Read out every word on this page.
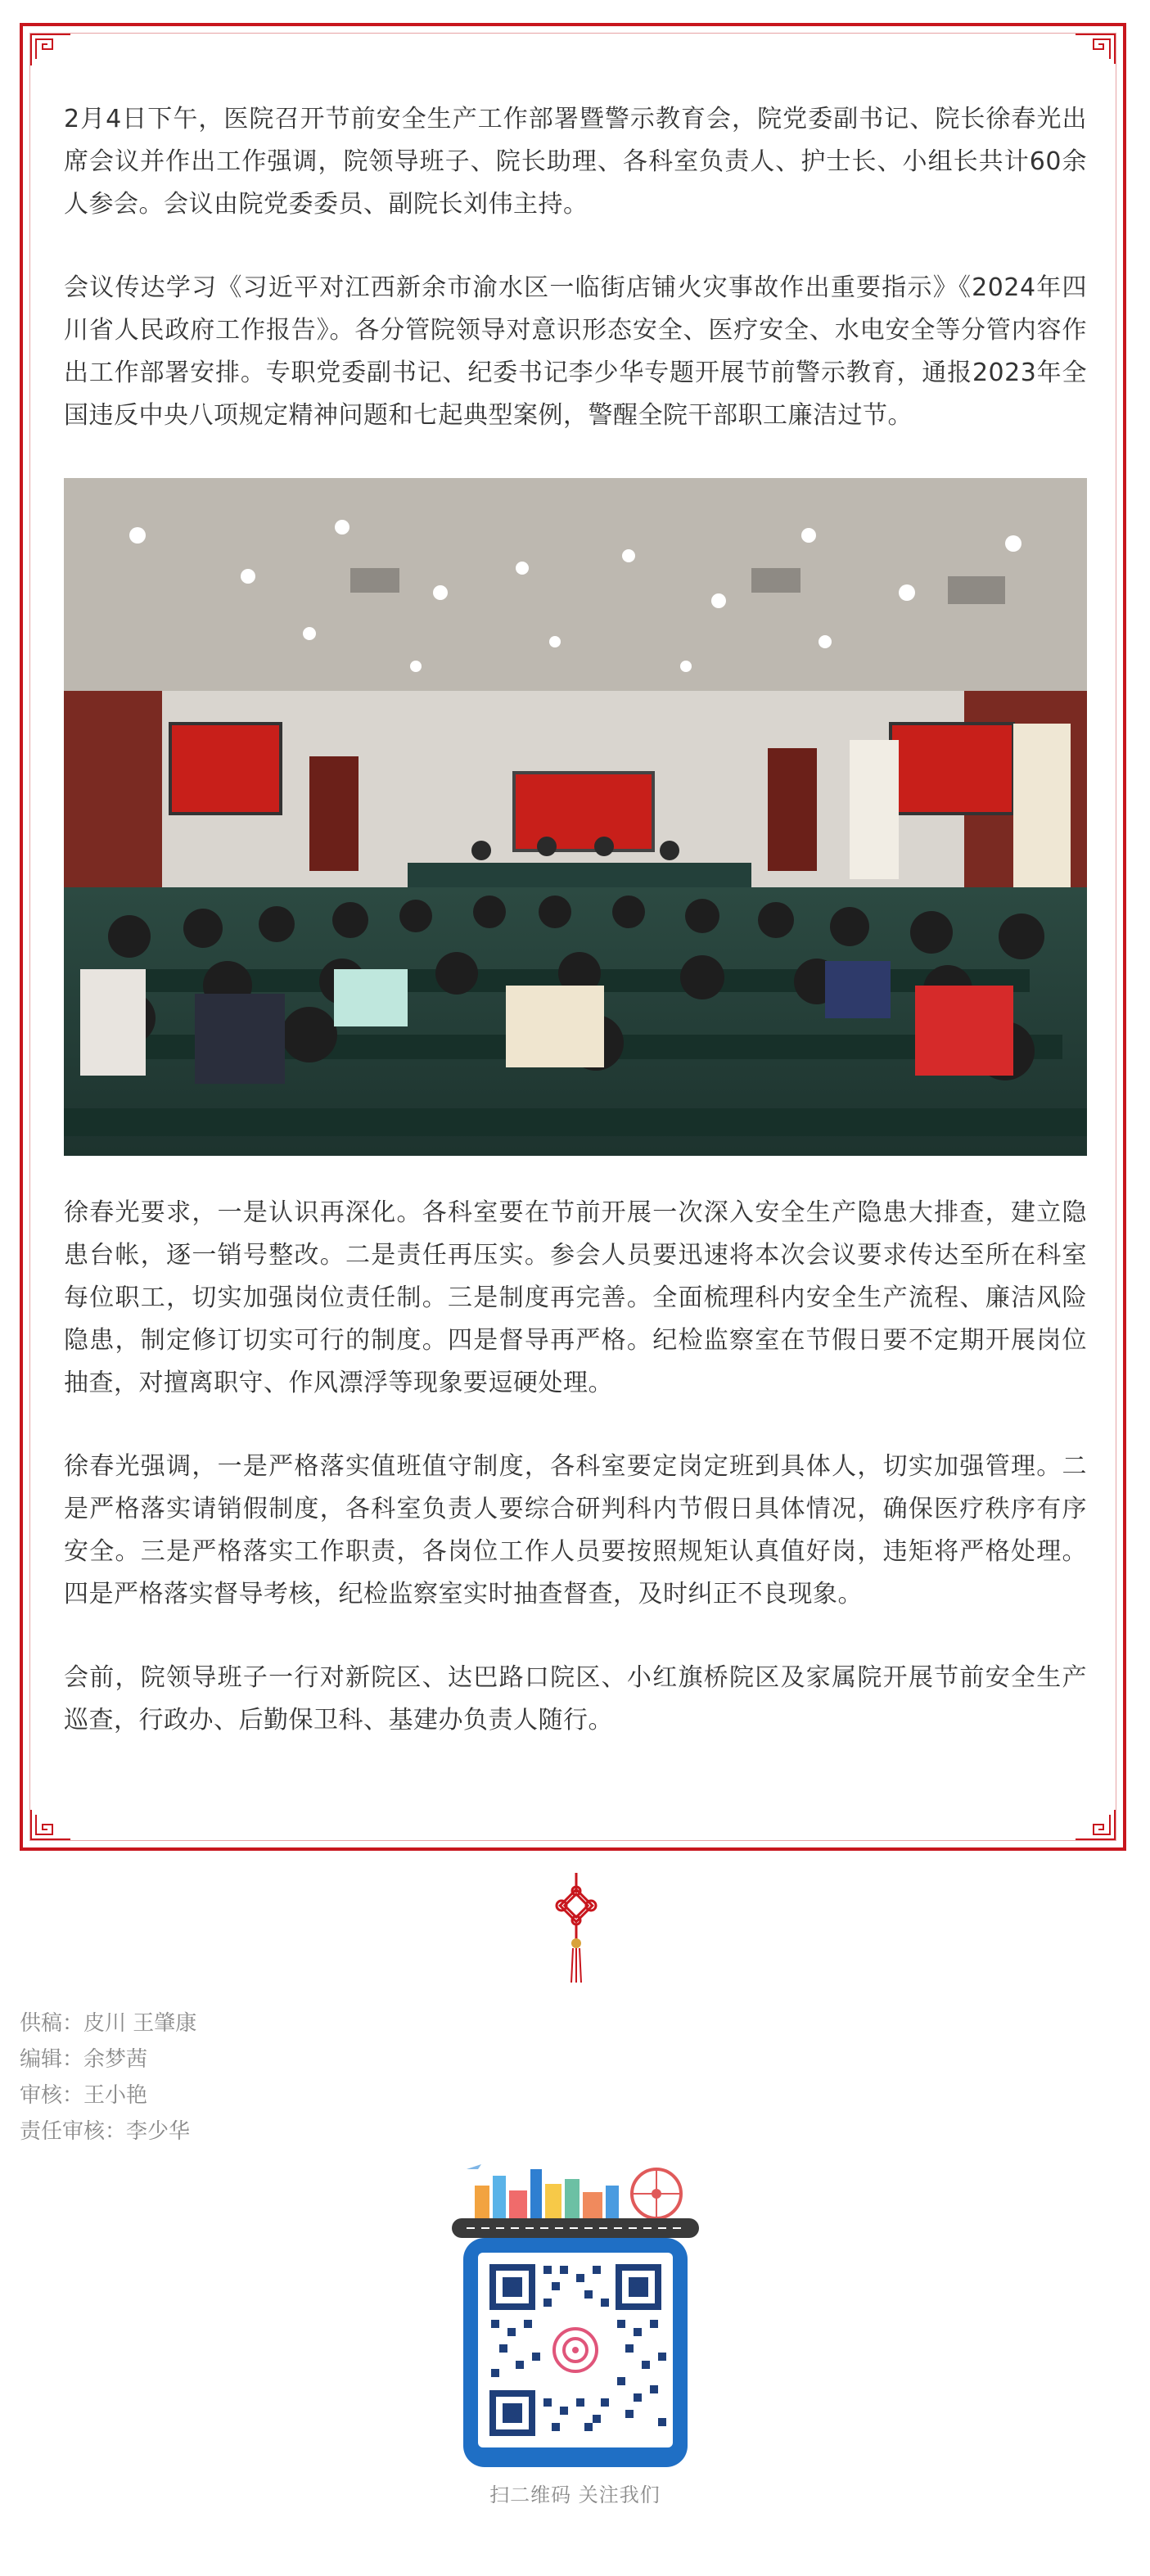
2月4日下午，医院召开节前安全生产工作部署暨警示教育会，院党委副书记、院长徐春光出席会议并作出工作强调，院领导班子、院长助理、各科室负责人、护士长、小组长共计60余人参会。会议由院党委委员、副院长刘伟主持。

会议传达学习《习近平对江西新余市渝水区一临街店铺火灾事故作出重要指示》《2024年四川省人民政府工作报告》。各分管院领导对意识形态安全、医疗安全、水电安全等分管内容作出工作部署安排。专职党委副书记、纪委书记李少华专题开展节前警示教育，通报2023年全国违反中央八项规定精神问题和七起典型案例，警醒全院干部职工廉洁过节。

徐春光要求，一是认识再深化。各科室要在节前开展一次深入安全生产隐患大排查，建立隐患台帐，逐一销号整改。二是责任再压实。参会人员要迅速将本次会议要求传达至所在科室每位职工，切实加强岗位责任制。三是制度再完善。全面梳理科内安全生产流程、廉洁风险隐患，制定修订切实可行的制度。四是督导再严格。纪检监察室在节假日要不定期开展岗位抽查，对擅离职守、作风漂浮等现象要逗硬处理。

徐春光强调，一是严格落实值班值守制度，各科室要定岗定班到具体人，切实加强管理。二是严格落实请销假制度，各科室负责人要综合研判科内节假日具体情况，确保医疗秩序有序安全。三是严格落实工作职责，各岗位工作人员要按照规矩认真值好岗，违矩将严格处理。四是严格落实督导考核，纪检监察室实时抽查督查，及时纠正不良现象。

会前，院领导班子一行对新院区、达巴路口院区、小红旗桥院区及家属院开展节前安全生产巡查，行政办、后勤保卫科、基建办负责人随行。

供稿：皮川 王肇康
编辑：余梦茜
审核：王小艳
责任审核：李少华
扫二维码 关注我们
